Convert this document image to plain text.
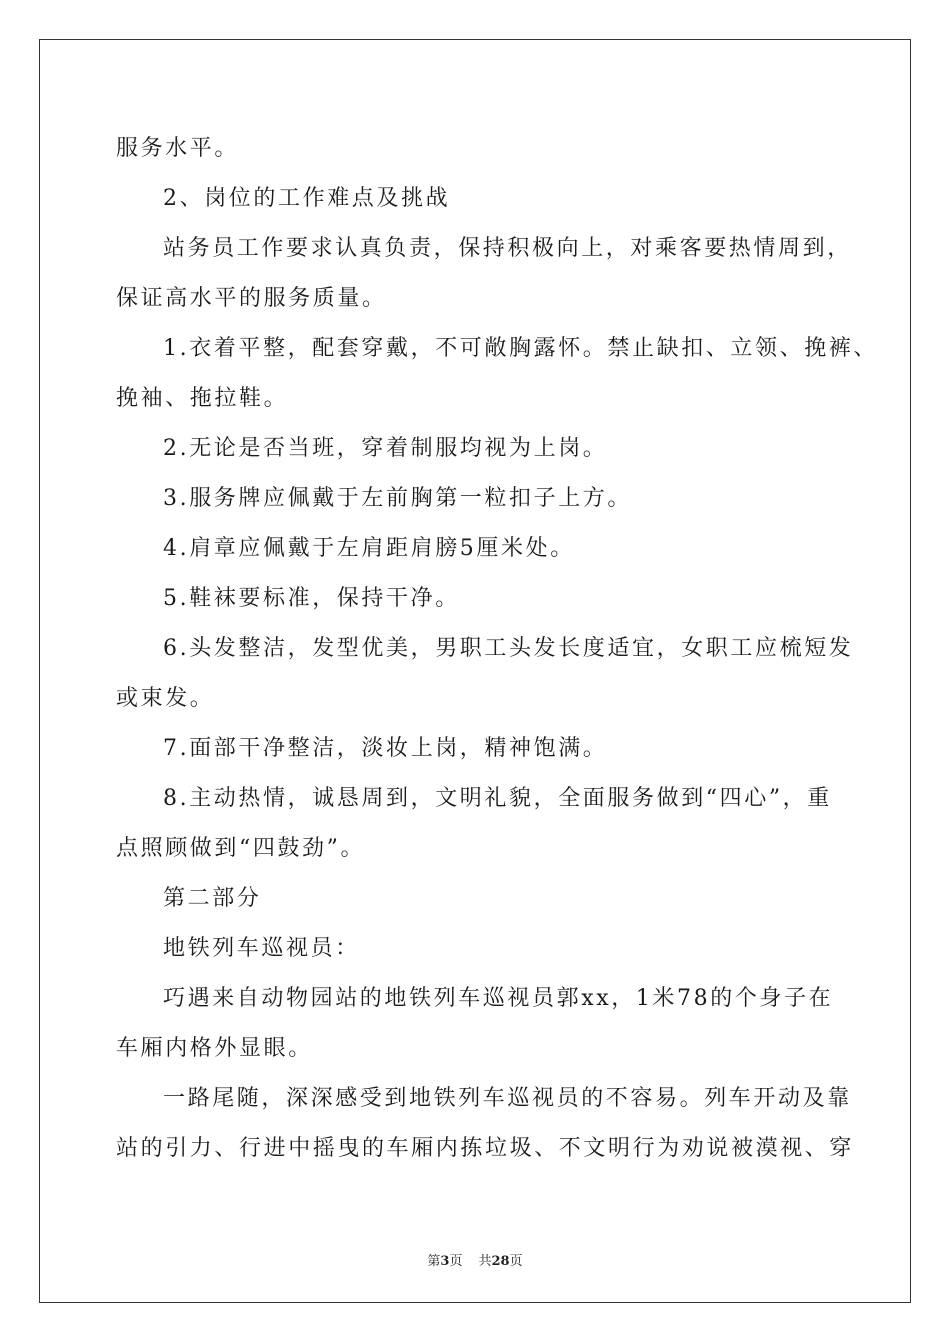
服务水平。
2、岗位的工作难点及挑战
站务员工作要求认真负责，保持积极向上，对乘客要热情周到，
保证高水平的服务质量。
1.衣着平整，配套穿戴，不可敞胸露怀。禁止缺扣、立领、挽裤、
挽袖、拖拉鞋。
2.无论是否当班，穿着制服均视为上岗。
3.服务牌应佩戴于左前胸第一粒扣子上方。
4.肩章应佩戴于左肩距肩膀5厘米处。
5.鞋袜要标准，保持干净。
6.头发整洁，发型优美，男职工头发长度适宜，女职工应梳短发
或束发。
7.面部干净整洁，淡妆上岗，精神饱满。
8.主动热情，诚恳周到，文明礼貌，全面服务做到“四心”，重
点照顾做到“四鼓劲”。
第二部分
地铁列车巡视员：
巧遇来自动物园站的地铁列车巡视员郭xx，1米78的个身子在
车厢内格外显眼。
一路尾随，深深感受到地铁列车巡视员的不容易。列车开动及靠
站的引力、行进中摇曳的车厢内拣垃圾、不文明行为劝说被漠视、穿
第3页 共28页
